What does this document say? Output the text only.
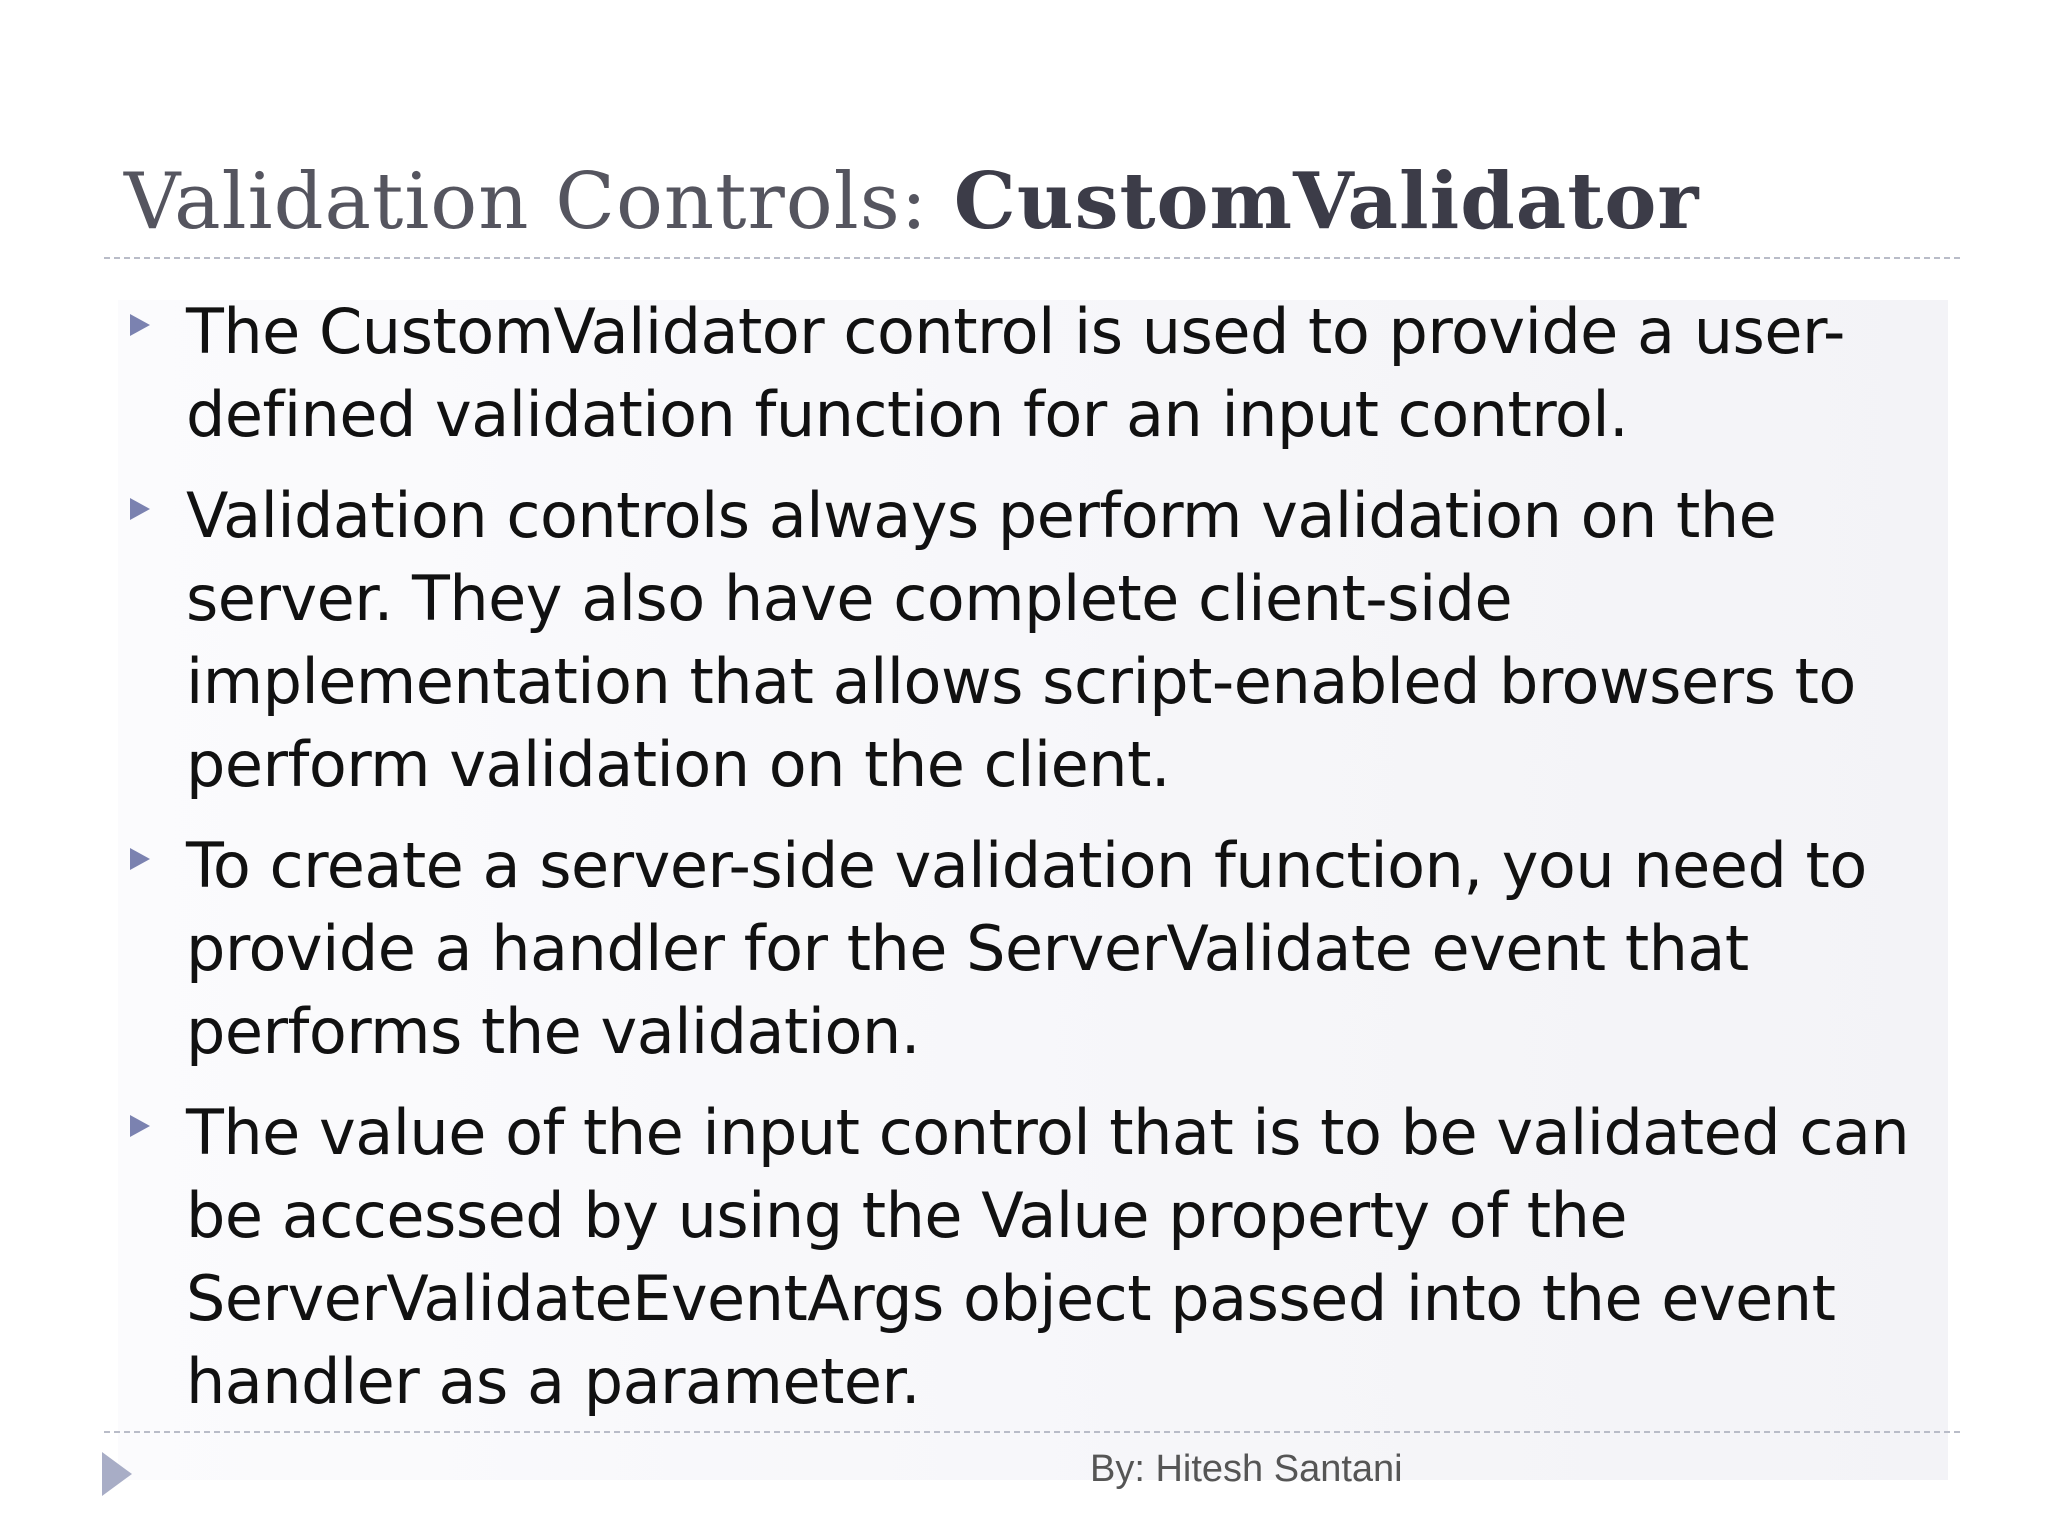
Validation Controls: CustomValidator
The CustomValidator control is used to provide a user-defined validation function for an input control.
Validation controls always perform validation on the server. They also have complete client-side implementation that allows script-enabled browsers to perform validation on the client.
To create a server-side validation function, you need to provide a handler for the ServerValidate event that performs the validation.
The value of the input control that is to be validated can be accessed by using the Value property of the ServerValidateEventArgs object passed into the event handler as a parameter.
By: Hitesh Santani
